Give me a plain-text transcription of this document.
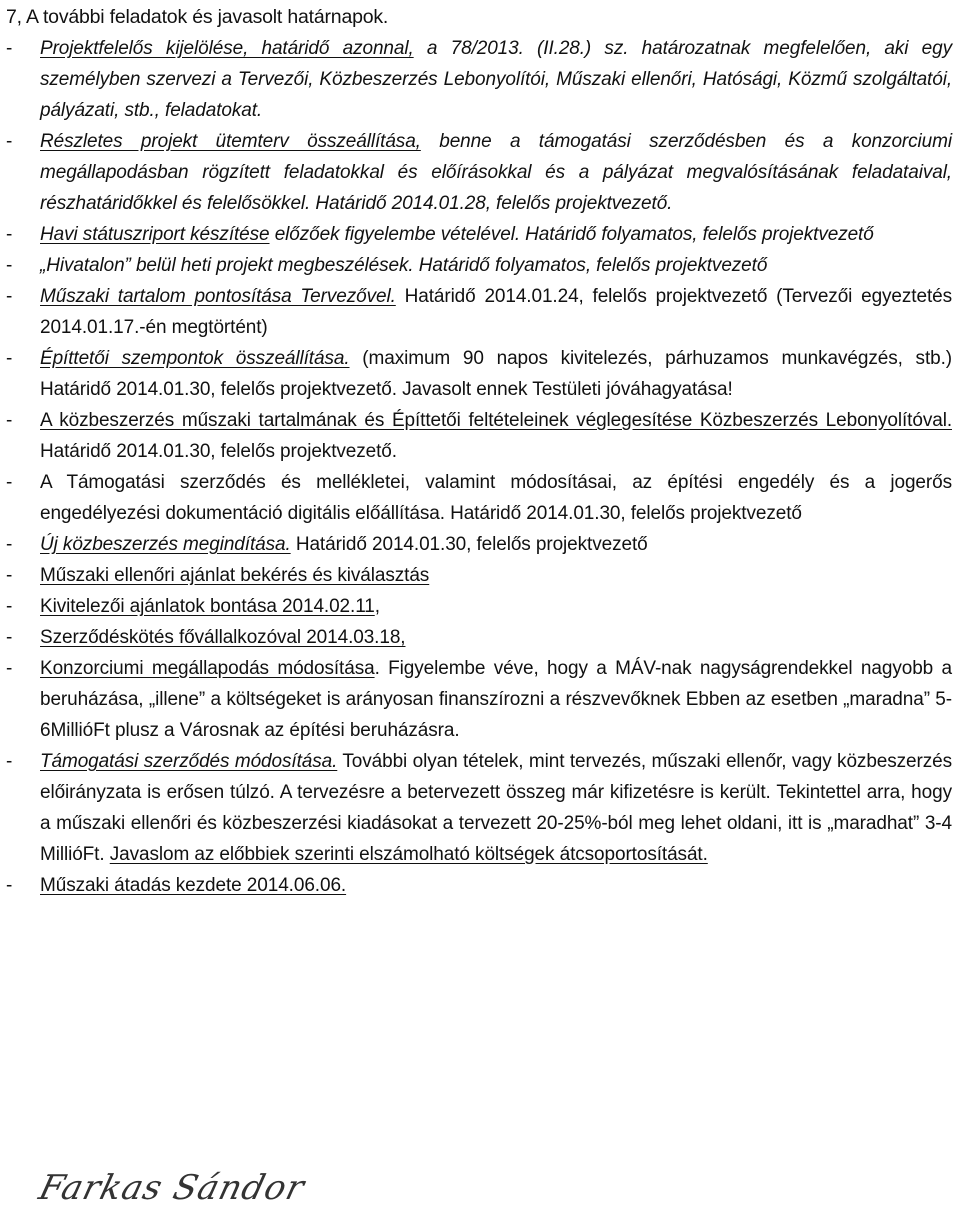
7, A további feladatok és javasolt határnapok.
- Projektfelelős kijelölése, határidő azonnal, a 78/2013. (II.28.) sz. határozatnak megfelelően, aki egy személyben szervezi a Tervezői, Közbeszerzés Lebonyolítói, Műszaki ellenőri, Hatósági, Közmű szolgáltatói, pályázati, stb., feladatokat.
- Részletes projekt ütemterv összeállítása, benne a támogatási szerződésben és a konzorciumi megállapodásban rögzített feladatokkal és előírásokkal és a pályázat megvalósításának feladataival, részhatáridőkkel és felelősökkel. Határidő 2014.01.28, felelős projektvezető.
- Havi státuszriport készítése előzőek figyelembe vételével. Határidő folyamatos, felelős projektvezető
- „Hivatalon” belül heti projekt megbeszélések. Határidő folyamatos, felelős projektvezető
- Műszaki tartalom pontosítása Tervezővel. Határidő 2014.01.24, felelős projektvezető (Tervezői egyeztetés 2014.01.17.-én megtörtént)
- Építtetői szempontok összeállítása. (maximum 90 napos kivitelezés, párhuzamos munkavégzés, stb.) Határidő 2014.01.30, felelős projektvezető. Javasolt ennek Testületi jóváhagyatása!
- A közbeszerzés műszaki tartalmának és Építtetői feltételeinek véglegesítése Közbeszerzés Lebonyolítóval. Határidő 2014.01.30, felelős projektvezető.
- A Támogatási szerződés és mellékletei, valamint módosításai, az építési engedély és a jogerős engedélyezési dokumentáció digitális előállítása. Határidő 2014.01.30, felelős projektvezető
- Új közbeszerzés megindítása. Határidő 2014.01.30, felelős projektvezető
- Műszaki ellenőri ajánlat bekérés és kiválasztás
- Kivitelezői ajánlatok bontása 2014.02.11,
- Szerződéskötés fővállalkozóval 2014.03.18,
- Konzorciumi megállapodás módosítása. Figyelembe véve, hogy a MÁV-nak nagyságrendekkel nagyobb a beruházása, „illene” a költségeket is arányosan finanszírozni a részvevőknek Ebben az esetben „maradna” 5-6MillióFt plusz a Városnak az építési beruházásra.
- Támogatási szerződés módosítása. További olyan tételek, mint tervezés, műszaki ellenőr, vagy közbeszerzés előirányzata is erősen túlzó. A tervezésre a betervezett összeg már kifizetésre is került. Tekintettel arra, hogy a műszaki ellenőri és közbeszerzési kiadásokat a tervezett 20-25%-ból meg lehet oldani, itt is „maradhat” 3-4 MillióFt. Javaslom az előbbiek szerinti elszámolható költségek átcsoportosítását.
- Műszaki átadás kezdete 2014.06.06.
Farkas Sándor
